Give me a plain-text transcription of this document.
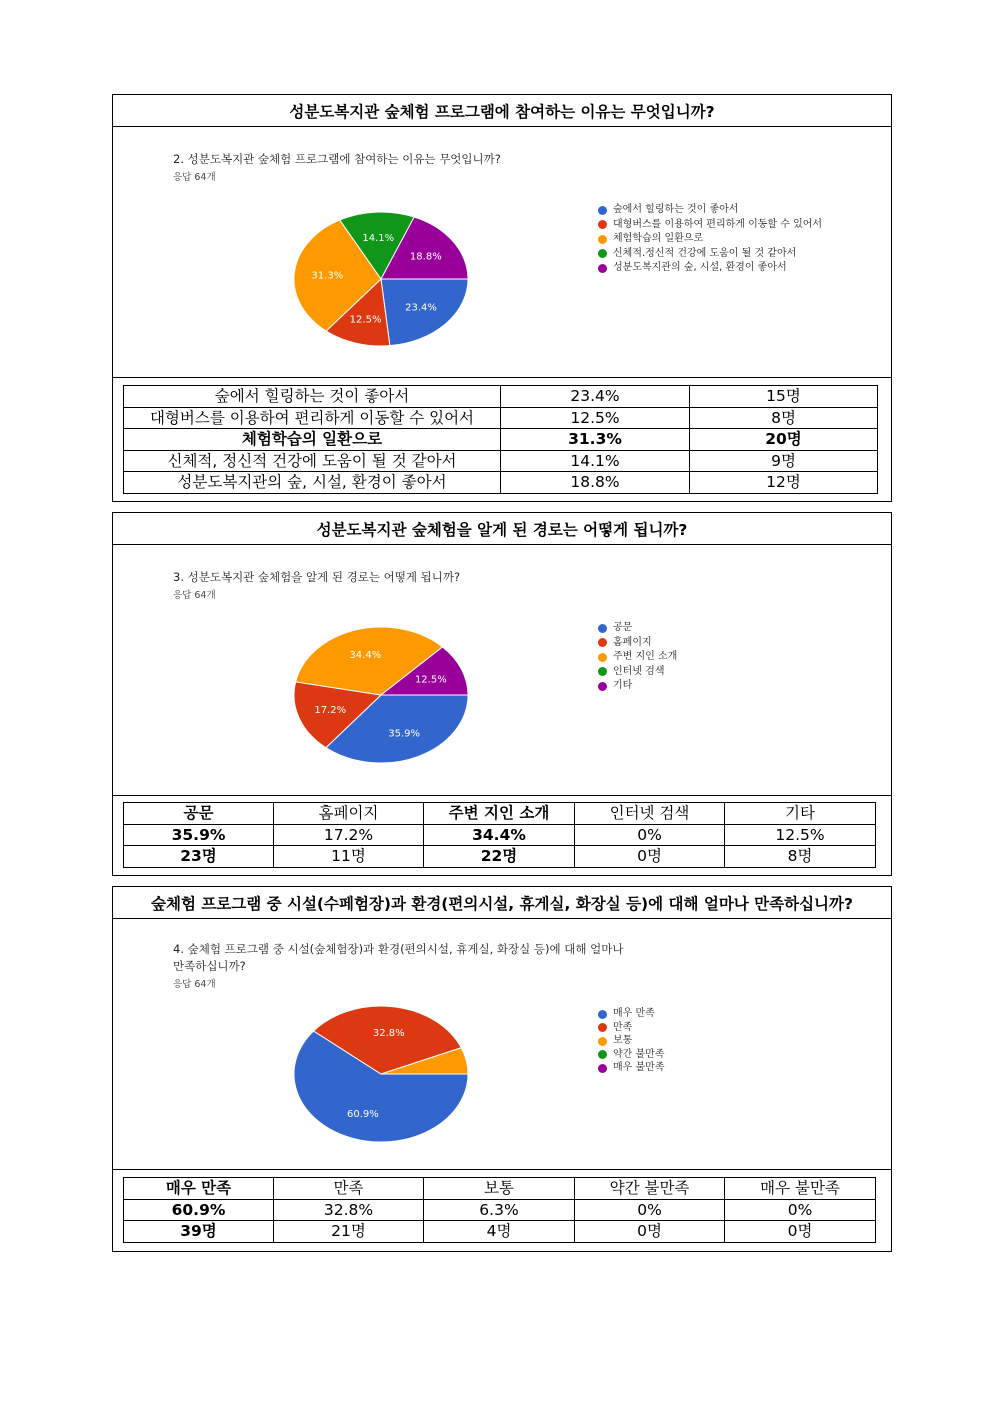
성분도복지관 숲체험 프로그램에 참여하는 이유는 무엇입니까?
2. 성분도복지관 숲체험 프로그램에 참여하는 이유는 무엇입니까?
응답 64개
23.4%
12.5%
31.3%
14.1%
18.8%
숲에서 힐링하는 것이 좋아서
대형버스를 이용하여 편리하게 이동할 수 있어서
체험학습의 일환으로
신체적.정신적 건강에 도움이 될 것 같아서
성분도복지관의 숲, 시설, 환경이 좋아서
숲에서 힐링하는 것이 좋아서	23.4%	15명
대형버스를 이용하여 편리하게 이동할 수 있어서	12.5%	8명
체험학습의 일환으로	31.3%	20명
신체적, 정신적 건강에 도움이 될 것 같아서	14.1%	9명
성분도복지관의 숲, 시설, 환경이 좋아서	18.8%	12명
성분도복지관 숲체험을 알게 된 경로는 어떻게 됩니까?
3. 성분도복지관 숲체험을 알게 된 경로는 어떻게 됩니까?
응답 64개
35.9%
17.2%
34.4%
12.5%
공문
홈페이지
주변 지인 소개
인터넷 검색
기타
공문	홈페이지	주변 지인 소개	인터넷 검색	기타
35.9%	17.2%	34.4%	0%	12.5%
23명	11명	22명	0명	8명
숲체험 프로그램 중 시설(수페험장)과 환경(편의시설, 휴게실, 화장실 등)에 대해 얼마나 만족하십니까?
4. 숲체험 프로그램 중 시설(숲체험장)과 환경(편의시설, 휴게실, 화장실 등)에 대해 얼마나
만족하십니까?
응답 64개
60.9%
32.8%
매우 만족
만족
보통
약간 불만족
매우 불만족
매우 만족	만족	보통	약간 불만족	매우 불만족
60.9%	32.8%	6.3%	0%	0%
39명	21명	4명	0명	0명
